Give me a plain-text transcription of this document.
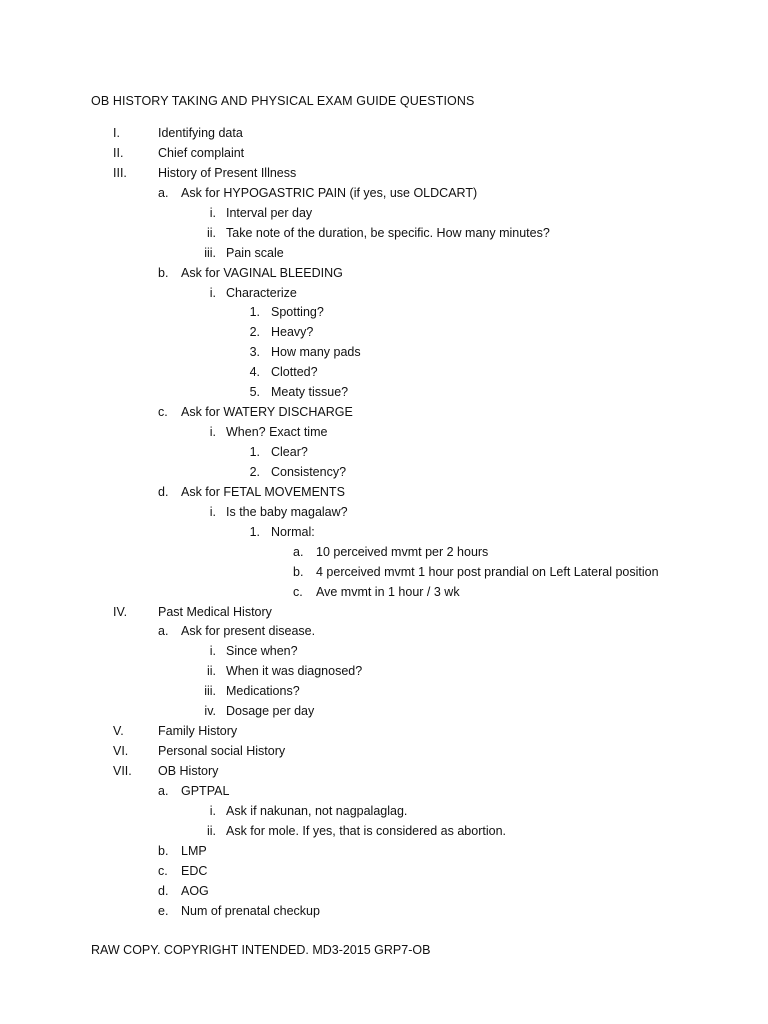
OB HISTORY TAKING AND PHYSICAL EXAM GUIDE QUESTIONS
I.	Identifying data
II.	Chief complaint
III. History of Present Illness
a. Ask for HYPOGASTRIC PAIN (if yes, use OLDCART)
i. Interval per day
ii. Take note of the duration, be specific. How many minutes?
iii. Pain scale
b. Ask for VAGINAL BLEEDING
i. Characterize
1. Spotting?
2. Heavy?
3. How many pads
4. Clotted?
5. Meaty tissue?
c. Ask for WATERY DISCHARGE
i. When? Exact time
1. Clear?
2. Consistency?
d. Ask for FETAL MOVEMENTS
i. Is the baby magalaw?
1. Normal:
a. 10 perceived mvmt per 2 hours
b. 4 perceived mvmt 1 hour post prandial on Left Lateral position
c. Ave mvmt in 1 hour / 3 wk
IV. Past Medical History
a. Ask for present disease.
i. Since when?
ii. When it was diagnosed?
iii. Medications?
iv. Dosage per day
V.	Family History
VI. Personal social History
VII. OB History
a. GPTPAL
i. Ask if nakunan, not nagpalaglag.
ii. Ask for mole. If yes, that is considered as abortion.
b. LMP
c. EDC
d. AOG
e. Num of prenatal checkup
RAW COPY. COPYRIGHT INTENDED. MD3-2015 GRP7-OB
